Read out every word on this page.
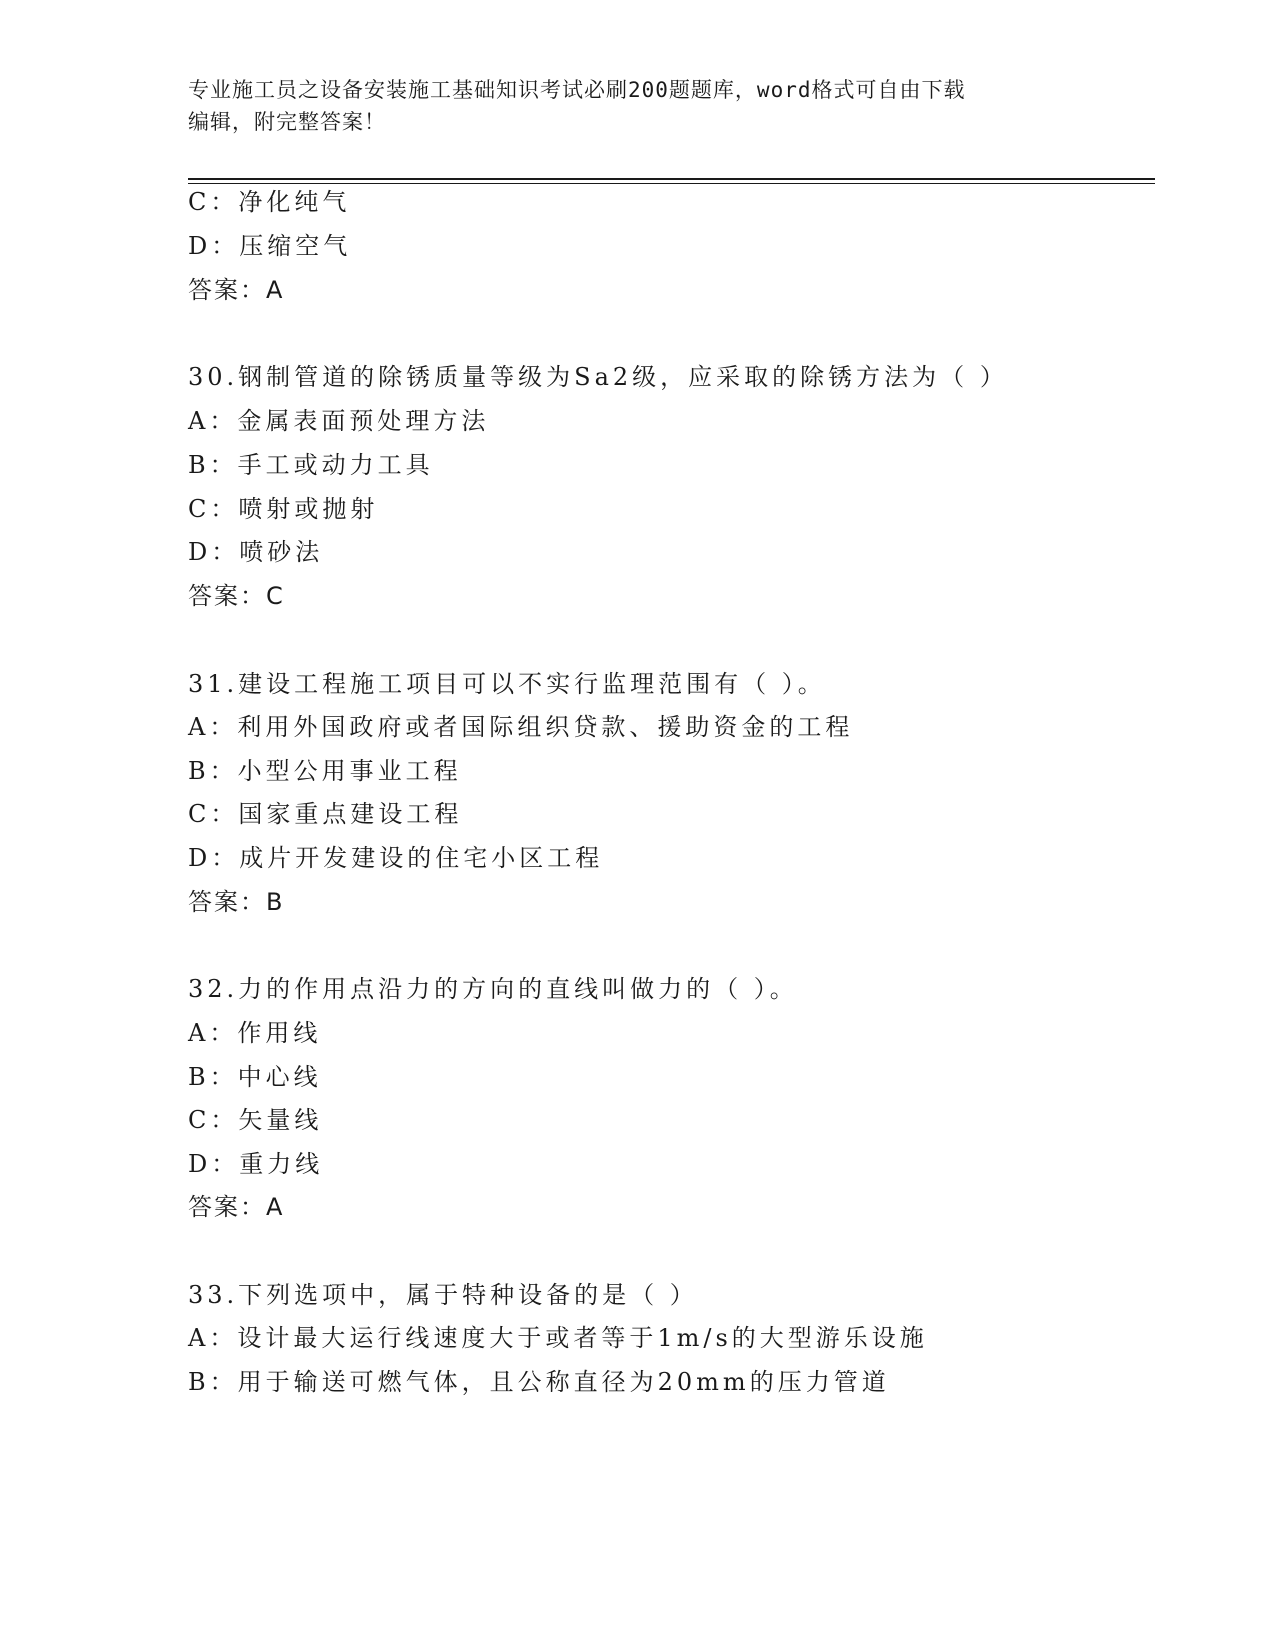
专业施工员之设备安装施工基础知识考试必刷200题题库，word格式可自由下载
编辑，附完整答案！
C：净化纯气
D：压缩空气
答案：A
30.钢制管道的除锈质量等级为Sa2级，应采取的除锈方法为（ ）
A：金属表面预处理方法
B：手工或动力工具
C：喷射或抛射
D：喷砂法
答案：C
31.建设工程施工项目可以不实行监理范围有（ ）。
A：利用外国政府或者国际组织贷款、援助资金的工程
B：小型公用事业工程
C：国家重点建设工程
D：成片开发建设的住宅小区工程
答案：B
32.力的作用点沿力的方向的直线叫做力的（ ）。
A：作用线
B：中心线
C：矢量线
D：重力线
答案：A
33.下列选项中，属于特种设备的是（ ）
A：设计最大运行线速度大于或者等于1m/s的大型游乐设施
B：用于输送可燃气体，且公称直径为20mm的压力管道
